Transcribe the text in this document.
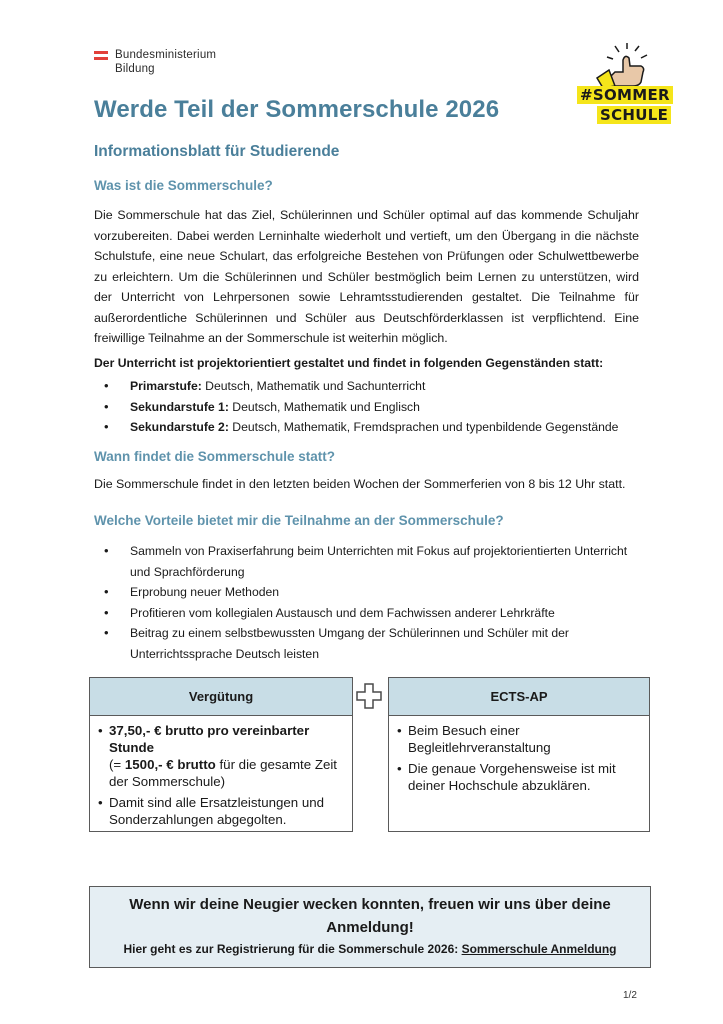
Bundesministerium
Bildung
#SOMMER
SCHULE
Werde Teil der Sommerschule 2026
Informationsblatt für Studierende
Was ist die Sommerschule?
Die Sommerschule hat das Ziel, Schülerinnen und Schüler optimal auf das kommende Schuljahr vorzubereiten. Dabei werden Lerninhalte wiederholt und vertieft, um den Übergang in die nächste Schulstufe, eine neue Schulart, das erfolgreiche Bestehen von Prüfungen oder Schulwettbewerbe zu erleichtern. Um die Schülerinnen und Schüler bestmöglich beim Lernen zu unterstützen, wird der Unterricht von Lehrpersonen sowie Lehramtsstudierenden gestaltet. Die Teilnahme für außerordentliche Schülerinnen und Schüler aus Deutschförderklassen ist verpflichtend. Eine freiwillige Teilnahme an der Sommerschule ist weiterhin möglich.
Der Unterricht ist projektorientiert gestaltet und findet in folgenden Gegenständen statt:
• Primarstufe: Deutsch, Mathematik und Sachunterricht
• Sekundarstufe 1: Deutsch, Mathematik und Englisch
• Sekundarstufe 2: Deutsch, Mathematik, Fremdsprachen und typenbildende Gegenstände
Wann findet die Sommerschule statt?
Die Sommerschule findet in den letzten beiden Wochen der Sommerferien von 8 bis 12 Uhr statt.
Welche Vorteile bietet mir die Teilnahme an der Sommerschule?
• Sammeln von Praxiserfahrung beim Unterrichten mit Fokus auf projektorientierten Unterricht und Sprachförderung
• Erprobung neuer Methoden
• Profitieren vom kollegialen Austausch und dem Fachwissen anderer Lehrkräfte
• Beitrag zu einem selbstbewussten Umgang der Schülerinnen und Schüler mit der Unterrichtssprache Deutsch leisten
Vergütung
• 37,50,- € brutto pro vereinbarter Stunde
(= 1500,- € brutto für die gesamte Zeit der Sommerschule)
• Damit sind alle Ersatzleistungen und Sonderzahlungen abgegolten.
ECTS-AP
• Beim Besuch einer Begleitlehrveranstaltung
• Die genaue Vorgehensweise ist mit deiner Hochschule abzuklären.
Wenn wir deine Neugier wecken konnten, freuen wir uns über deine Anmeldung!
Hier geht es zur Registrierung für die Sommerschule 2026: Sommerschule Anmeldung
1/2
